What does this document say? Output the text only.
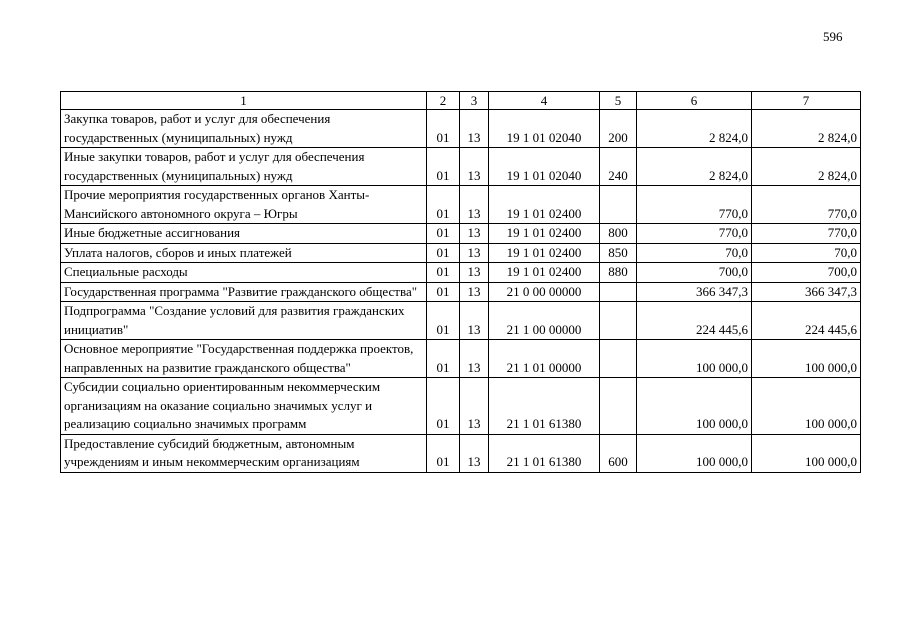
596
1	2	3	4	5	6	7
Закупка товаров, работ и услуг для обеспечения государственных (муниципальных) нужд	01	13	19 1 01 02040	200	2 824,0	2 824,0
Иные закупки товаров, работ и услуг для обеспечения государственных (муниципальных) нужд	01	13	19 1 01 02040	240	2 824,0	2 824,0
Прочие мероприятия государственных органов Ханты-Мансийского автономного округа – Югры	01	13	19 1 01 02400		770,0	770,0
Иные бюджетные ассигнования	01	13	19 1 01 02400	800	770,0	770,0
Уплата налогов, сборов и иных платежей	01	13	19 1 01 02400	850	70,0	70,0
Специальные расходы	01	13	19 1 01 02400	880	700,0	700,0
Государственная программа "Развитие гражданского общества"	01	13	21 0 00 00000		366 347,3	366 347,3
Подпрограмма "Создание условий для развития гражданских инициатив"	01	13	21 1 00 00000		224 445,6	224 445,6
Основное мероприятие "Государственная поддержка проектов, направленных на развитие гражданского общества"	01	13	21 1 01 00000		100 000,0	100 000,0
Субсидии социально ориентированным некоммерческим организациям на оказание социально значимых услуг и реализацию социально значимых программ	01	13	21 1 01 61380		100 000,0	100 000,0
Предоставление субсидий бюджетным, автономным учреждениям и иным некоммерческим организациям	01	13	21 1 01 61380	600	100 000,0	100 000,0
